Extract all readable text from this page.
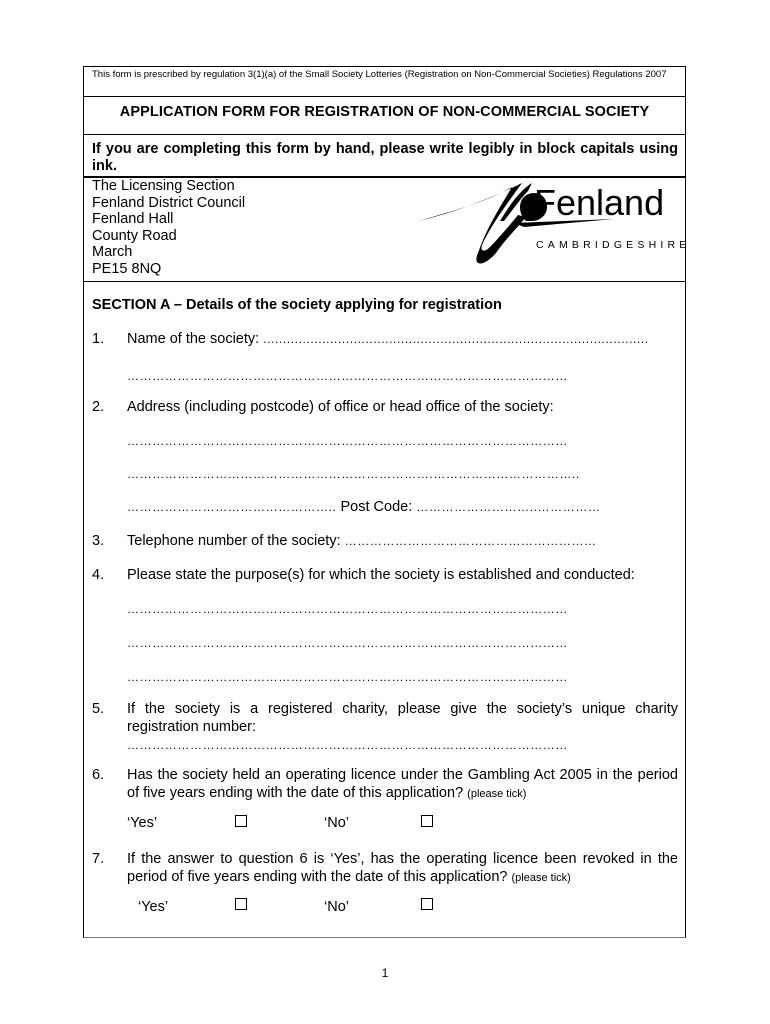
This form is prescribed by regulation 3(1)(a) of the Small Society Lotteries (Registration on Non-Commercial Societies) Regulations 2007
APPLICATION FORM FOR REGISTRATION OF NON-COMMERCIAL SOCIETY
If you are completing this form by hand, please write legibly in block capitals using ink.
The Licensing Section
Fenland District Council
Fenland Hall
County Road
March
PE15 8NQ
Fenland
CAMBRIDGESHIRE
SECTION A – Details of the society applying for registration
1. Name of the society: ..................................................................................................
……………………………………………………………………………………………
2. Address (including postcode) of office or head office of the society:
……………………………………………………………………………………………
……………………………………………………………….……………………………..
………………………………………….. Post Code: ………………………..……………
3. Telephone number of the society: ……………………………………………………
4. Please state the purpose(s) for which the society is established and conducted:
……………………………………………………………………………………………
……………………………………………………………………………………………
……………………………………………………………………………………………
5. If the society is a registered charity, please give the society’s unique charity registration number:
……………………………………………………………………………………………
6. Has the society held an operating licence under the Gambling Act 2005 in the period of five years ending with the date of this application? (please tick)
‘Yes’	‘No’
7. If the answer to question 6 is ‘Yes’, has the operating licence been revoked in the period of five years ending with the date of this application? (please tick)
‘Yes’	‘No’
1
